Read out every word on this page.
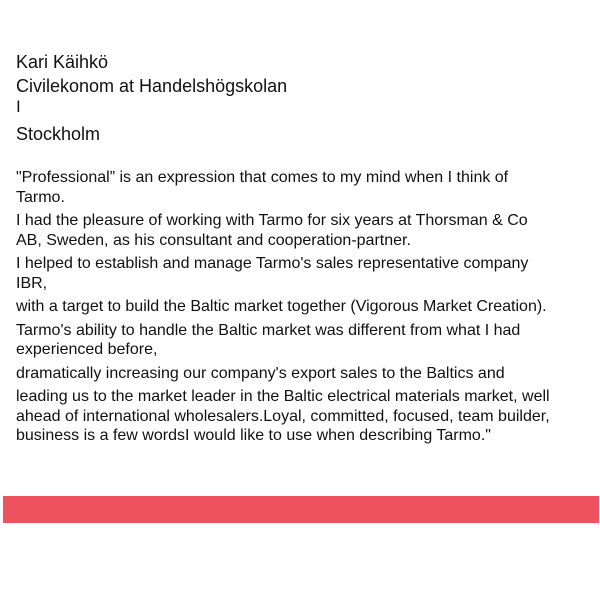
Kari Käihkö
Civilekonom at Handelshögskolan
I
Stockholm

"Professional” is an expression that comes to my mind when I think of Tarmo.

I had the pleasure of working with Tarmo for six years at Thorsman & Co AB, Sweden, as his consultant and cooperation-partner.

I helped to establish and manage Tarmo's sales representative company IBR,

with a target to build the Baltic market together (Vigorous Market Creation).

Tarmo's ability to handle the Baltic market was different from what I had experienced before,

dramatically increasing our company's export sales to the Baltics and

leading us to the market leader in the Baltic electrical materials market, well ahead of international wholesalers.Loyal, committed, focused, team builder, business is a few wordsI would like to use when describing Tarmo."
